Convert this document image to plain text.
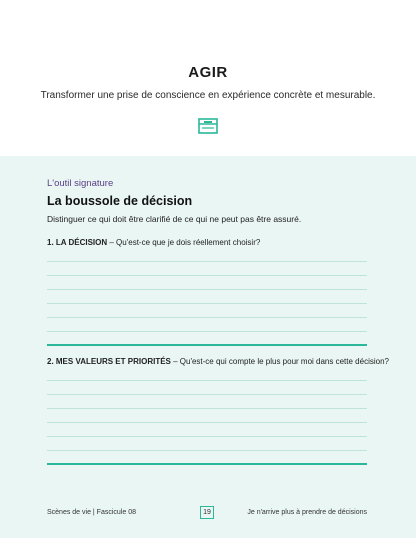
AGIR
Transformer une prise de conscience en expérience concrète et mesurable.
L'outil signature
La boussole de décision
Distinguer ce qui doit être clarifié de ce qui ne peut pas être assuré.
1. LA DÉCISION – Qu'est-ce que je dois réellement choisir?
2. MES VALEURS ET PRIORITÉS – Qu'est-ce qui compte le plus pour moi dans cette décision?
Scènes de vie | Fascicule 08	19	Je n'arrive plus à prendre de décisions
